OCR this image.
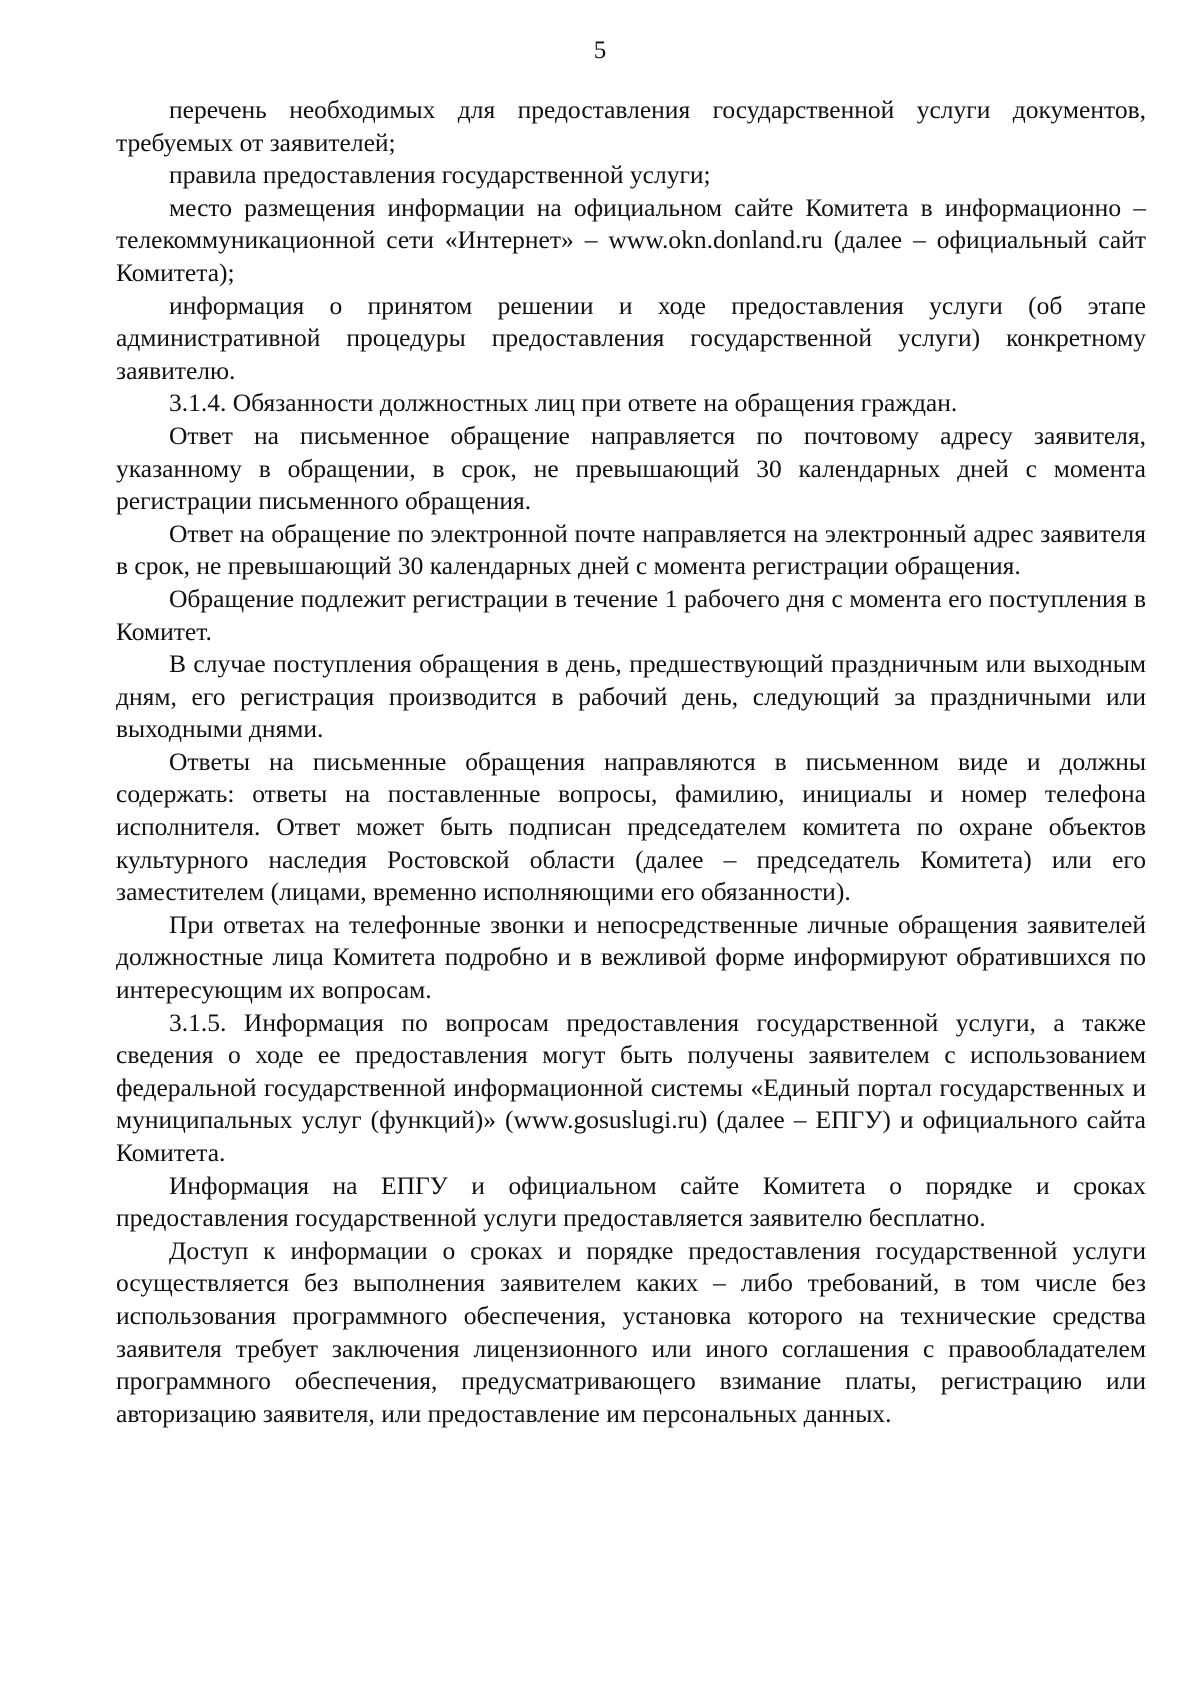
5

перечень необходимых для предоставления государственной услуги документов, требуемых от заявителей;

правила предоставления государственной услуги;

место размещения информации на официальном сайте Комитета в информационно – телекоммуникационной сети «Интернет» – www.okn.donland.ru (далее – официальный сайт Комитета);

информация о принятом решении и ходе предоставления услуги (об этапе административной процедуры предоставления государственной услуги) конкретному заявителю.

3.1.4. Обязанности должностных лиц при ответе на обращения граждан.

Ответ на письменное обращение направляется по почтовому адресу заявителя, указанному в обращении, в срок, не превышающий 30 календарных дней с момента регистрации письменного обращения.

Ответ на обращение по электронной почте направляется на электронный адрес заявителя в срок, не превышающий 30 календарных дней с момента регистрации обращения.

Обращение подлежит регистрации в течение 1 рабочего дня с момента его поступления в Комитет.

В случае поступления обращения в день, предшествующий праздничным или выходным дням, его регистрация производится в рабочий день, следующий за праздничными или выходными днями.

Ответы на письменные обращения направляются в письменном виде и должны содержать: ответы на поставленные вопросы, фамилию, инициалы и номер телефона исполнителя. Ответ может быть подписан председателем комитета по охране объектов культурного наследия Ростовской области (далее – председатель Комитета) или его заместителем (лицами, временно исполняющими его обязанности).

При ответах на телефонные звонки и непосредственные личные обращения заявителей должностные лица Комитета подробно и в вежливой форме информируют обратившихся по интересующим их вопросам.

3.1.5. Информация по вопросам предоставления государственной услуги, а также сведения о ходе ее предоставления могут быть получены заявителем с использованием федеральной государственной информационной системы «Единый портал государственных и муниципальных услуг (функций)» (www.gosuslugi.ru) (далее – ЕПГУ) и официального сайта Комитета.

Информация на ЕПГУ и официальном сайте Комитета о порядке и сроках предоставления государственной услуги предоставляется заявителю бесплатно.

Доступ к информации о сроках и порядке предоставления государственной услуги осуществляется без выполнения заявителем каких – либо требований, в том числе без использования программного обеспечения, установка которого на технические средства заявителя требует заключения лицензионного или иного соглашения с правообладателем программного обеспечения, предусматривающего взимание платы, регистрацию или авторизацию заявителя, или предоставление им персональных данных.
